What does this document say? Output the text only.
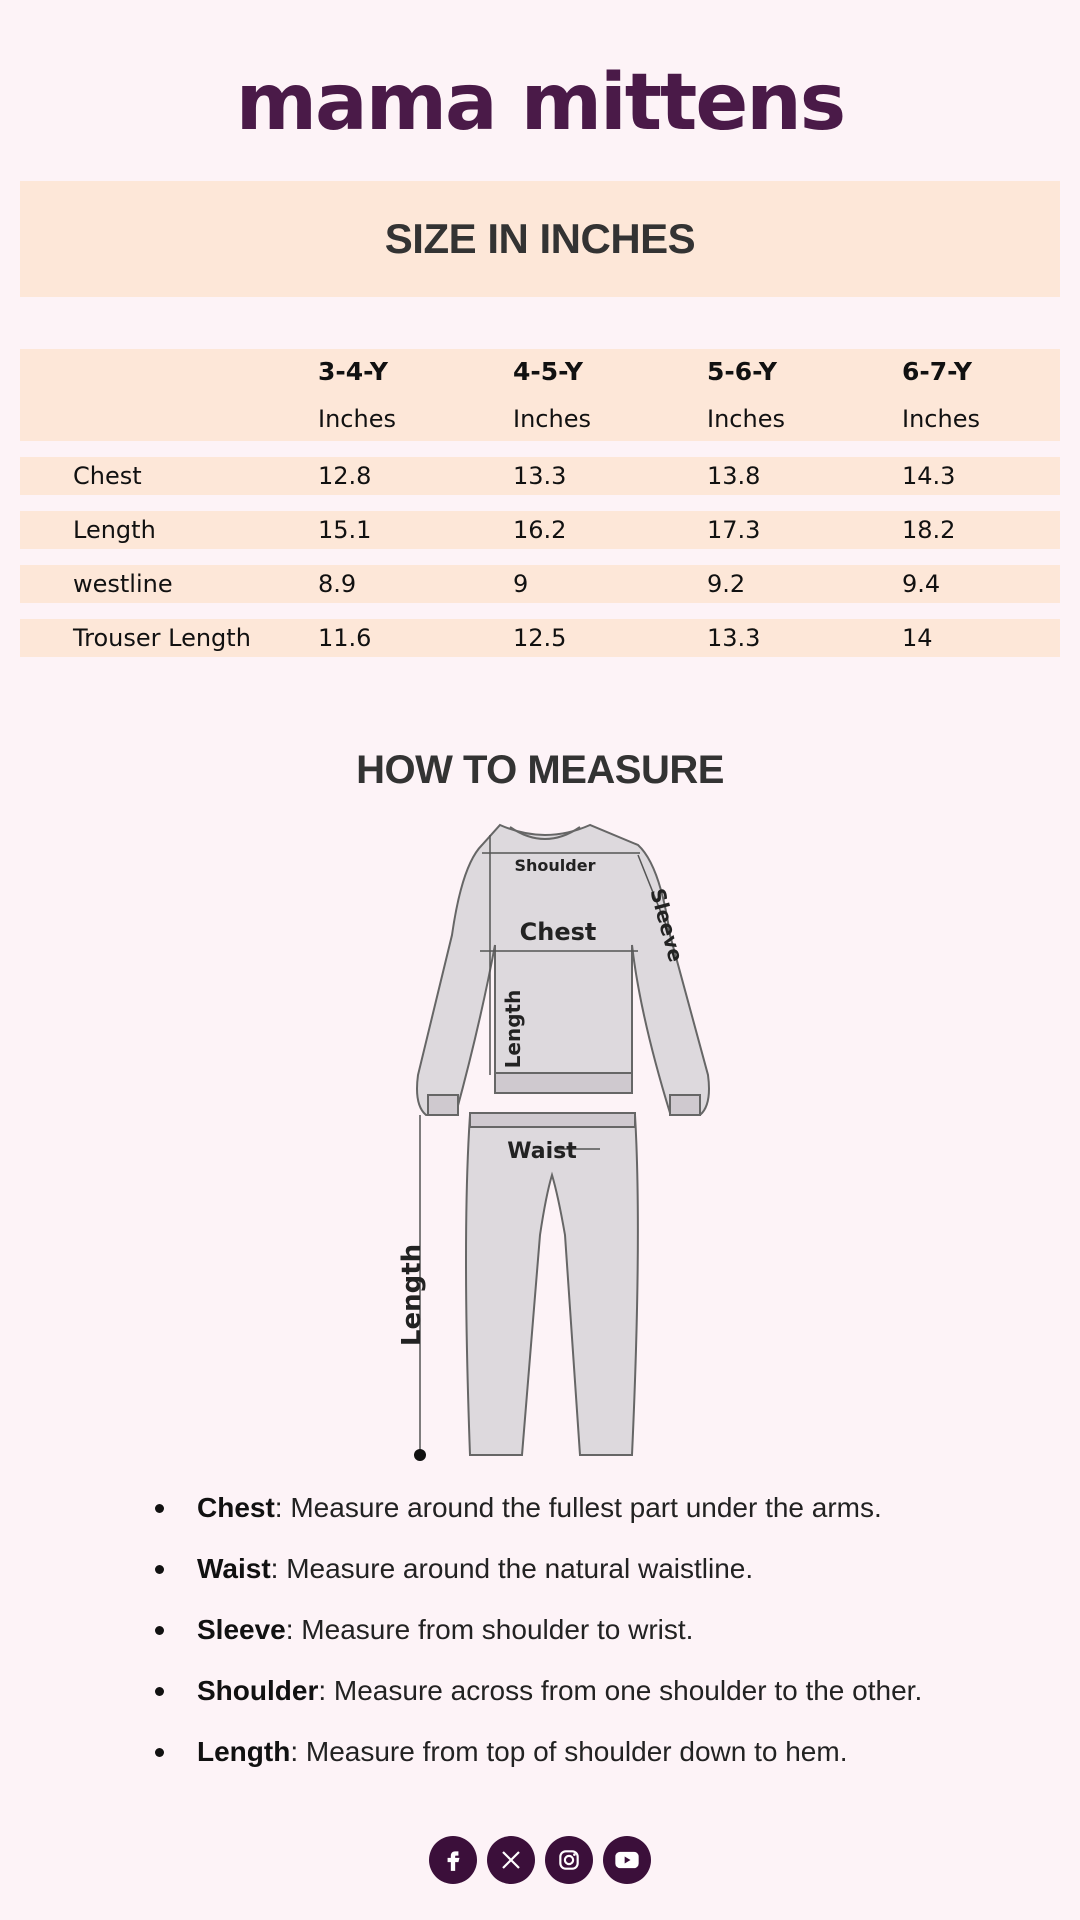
mama mittens
SIZE IN INCHES
3-4-Y	4-5-Y	5-6-Y	6-7-Y
Inches	Inches	Inches	Inches
Chest	12.8	13.3	13.8	14.3
Length	15.1	16.2	17.3	18.2
westline	8.9	9	9.2	9.4
Trouser Length	11.6	12.5	13.3	14
HOW TO MEASURE
Shoulder
Chest Sleeve
Length
Waist
Length
Chest: Measure around the fullest part under the arms.
Waist: Measure around the natural waistline.
Sleeve: Measure from shoulder to wrist.
Shoulder: Measure across from one shoulder to the other.
Length: Measure from top of shoulder down to hem.
